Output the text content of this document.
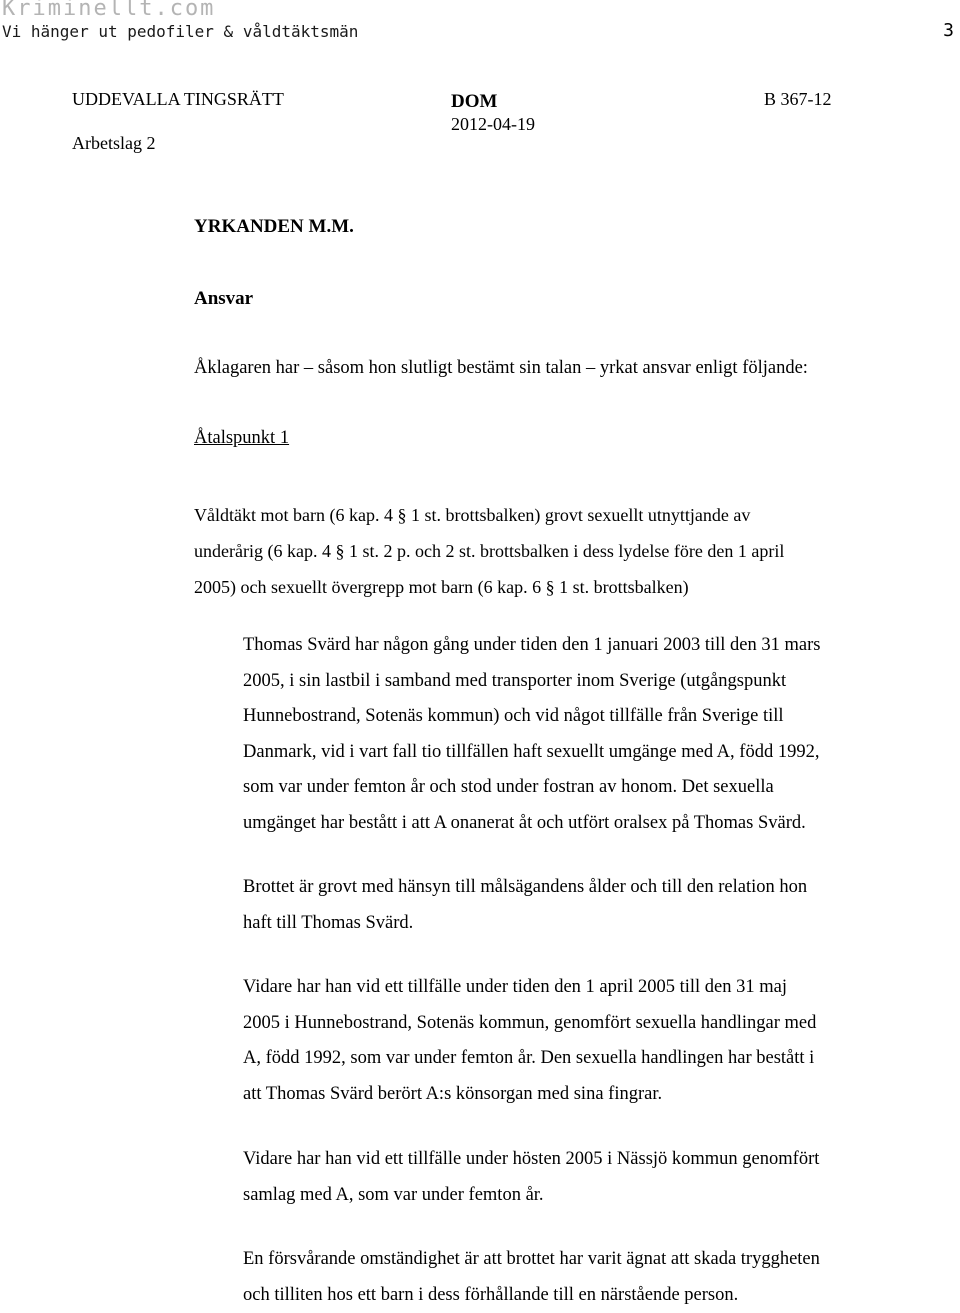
Kriminellt.com
Vi hänger ut pedofiler & våldtäktsmän	3
UDDEVALLA TINGSRÄTT
Arbetslag 2
DOM
2012-04-19
B 367-12
YRKANDEN M.M.
Ansvar
Åklagaren har – såsom hon slutligt bestämt sin talan – yrkat ansvar enligt följande:
Åtalspunkt 1
Våldtäkt mot barn (6 kap. 4 § 1 st. brottsbalken) grovt sexuellt utnyttjande av
underårig (6 kap. 4 § 1 st. 2 p. och 2 st. brottsbalken i dess lydelse före den 1 april
2005) och sexuellt övergrepp mot barn (6 kap. 6 § 1 st. brottsbalken)
Thomas Svärd har någon gång under tiden den 1 januari 2003 till den 31 mars
2005, i sin lastbil i samband med transporter inom Sverige (utgångspunkt
Hunnebostrand, Sotenäs kommun) och vid något tillfälle från Sverige till
Danmark, vid i vart fall tio tillfällen haft sexuellt umgänge med A, född 1992,
som var under femton år och stod under fostran av honom. Det sexuella
umgänget har bestått i att A onanerat åt och utfört oralsex på Thomas Svärd.
Brottet är grovt med hänsyn till målsägandens ålder och till den relation hon
haft till Thomas Svärd.
Vidare har han vid ett tillfälle under tiden den 1 april 2005 till den 31 maj
2005 i Hunnebostrand, Sotenäs kommun, genomfört sexuella handlingar med
A, född 1992, som var under femton år. Den sexuella handlingen har bestått i
att Thomas Svärd berört A:s könsorgan med sina fingrar.
Vidare har han vid ett tillfälle under hösten 2005 i Nässjö kommun genomfört
samlag med A, som var under femton år.
En försvårande omständighet är att brottet har varit ägnat att skada tryggheten
och tilliten hos ett barn i dess förhållande till en närstående person.
